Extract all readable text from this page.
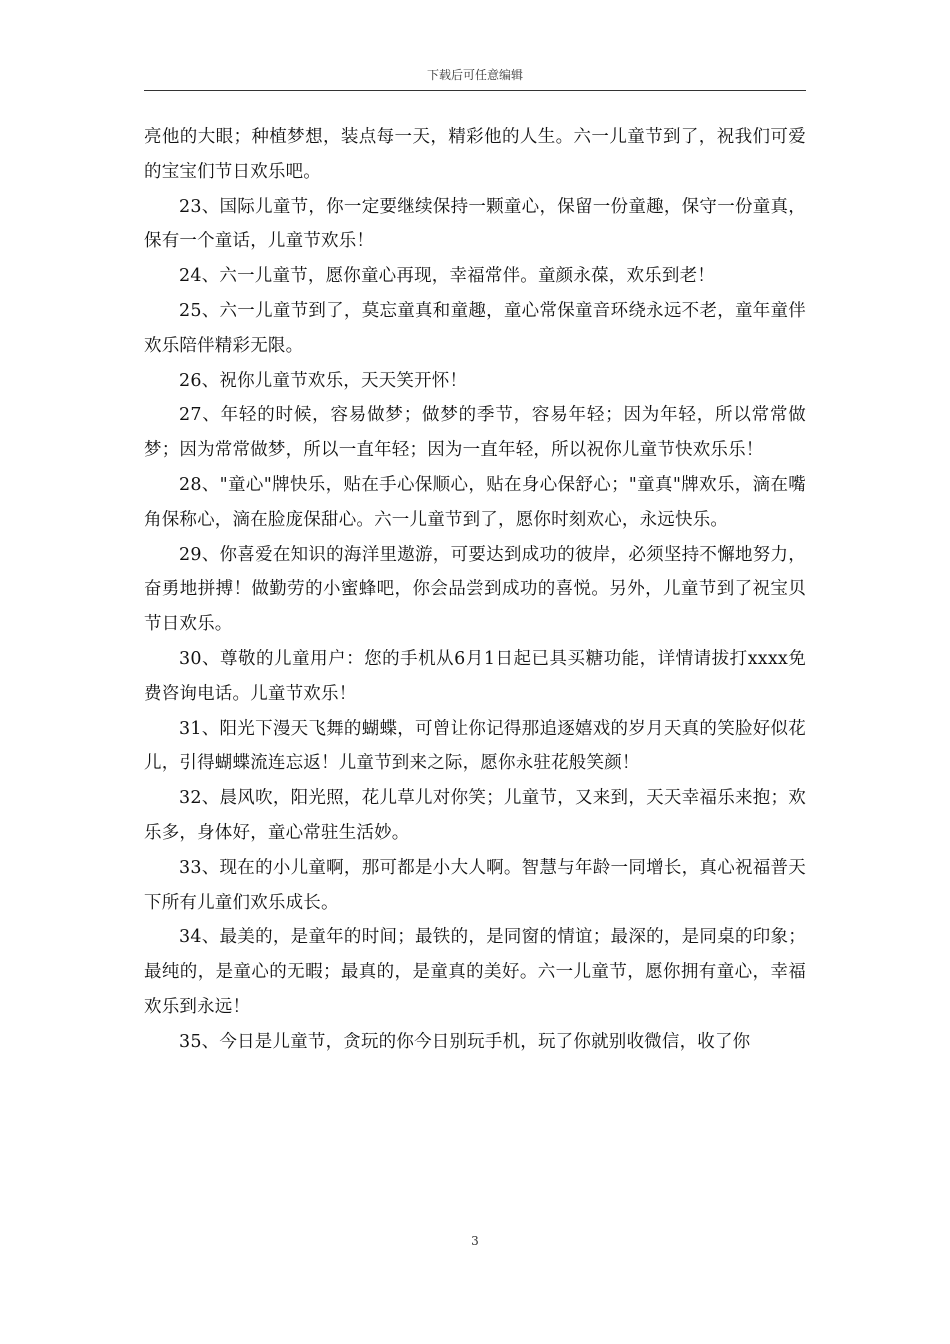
下载后可任意编辑

亮他的大眼；种植梦想，装点每一天，精彩他的人生。六一儿童节到了，祝我们可爱的宝宝们节日欢乐吧。

23、国际儿童节，你一定要继续保持一颗童心，保留一份童趣，保守一份童真，保有一个童话，儿童节欢乐！

24、六一儿童节，愿你童心再现，幸福常伴。童颜永葆，欢乐到老！

25、六一儿童节到了，莫忘童真和童趣，童心常保童音环绕永远不老，童年童伴欢乐陪伴精彩无限。

26、祝你儿童节欢乐，天天笑开怀！

27、年轻的时候，容易做梦；做梦的季节，容易年轻；因为年轻，所以常常做梦；因为常常做梦，所以一直年轻；因为一直年轻，所以祝你儿童节快欢乐乐！

28、"童心"牌快乐，贴在手心保顺心，贴在身心保舒心；"童真"牌欢乐，滴在嘴角保称心，滴在脸庞保甜心。六一儿童节到了，愿你时刻欢心，永远快乐。

29、你喜爱在知识的海洋里遨游，可要达到成功的彼岸，必须坚持不懈地努力，奋勇地拼搏！做勤劳的小蜜蜂吧，你会品尝到成功的喜悦。另外，儿童节到了祝宝贝节日欢乐。

30、尊敬的儿童用户：您的手机从6月1日起已具买糖功能，详情请拔打xxxx免费咨询电话。儿童节欢乐！

31、阳光下漫天飞舞的蝴蝶，可曾让你记得那追逐嬉戏的岁月天真的笑脸好似花儿，引得蝴蝶流连忘返！儿童节到来之际，愿你永驻花般笑颜！

32、晨风吹，阳光照，花儿草儿对你笑；儿童节，又来到，天天幸福乐来抱；欢乐多，身体好，童心常驻生活妙。

33、现在的小儿童啊，那可都是小大人啊。智慧与年龄一同增长，真心祝福普天下所有儿童们欢乐成长。

34、最美的，是童年的时间；最铁的，是同窗的情谊；最深的，是同桌的印象；最纯的，是童心的无暇；最真的，是童真的美好。六一儿童节，愿你拥有童心，幸福欢乐到永远！

35、今日是儿童节，贪玩的你今日别玩手机，玩了你就别收微信，收了你

3
